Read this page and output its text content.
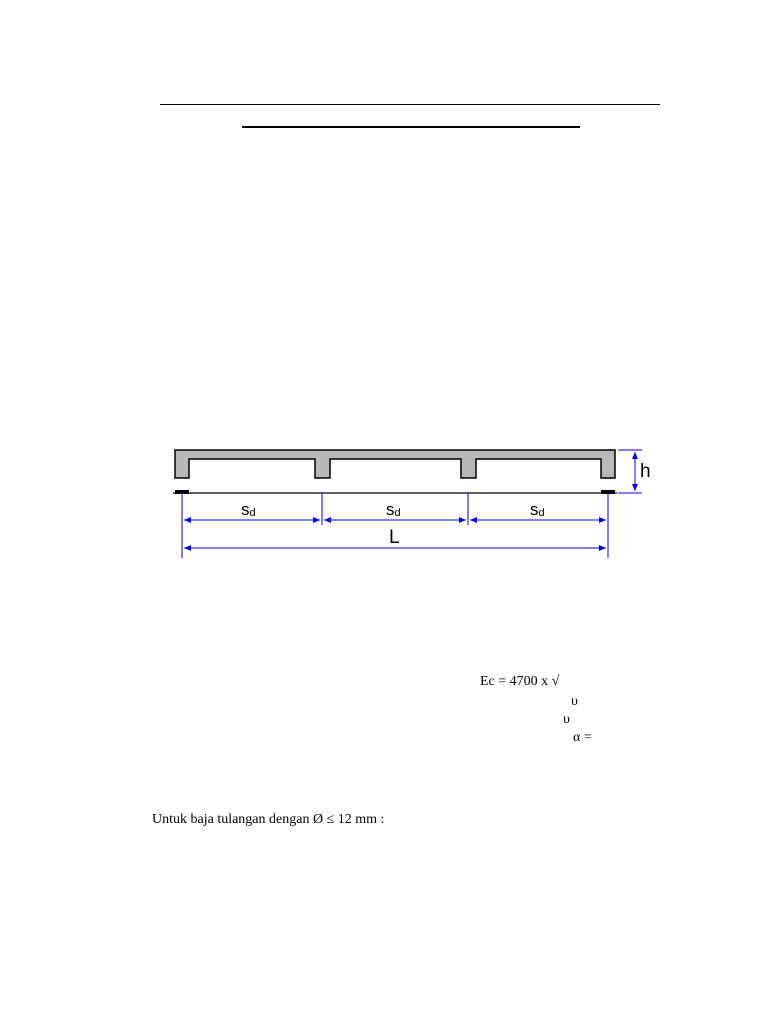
h
sd	sd	sd
L
Ec = 4700 x √
υ
υ
α =
Untuk baja tulangan dengan Ø ≤ 12 mm :
